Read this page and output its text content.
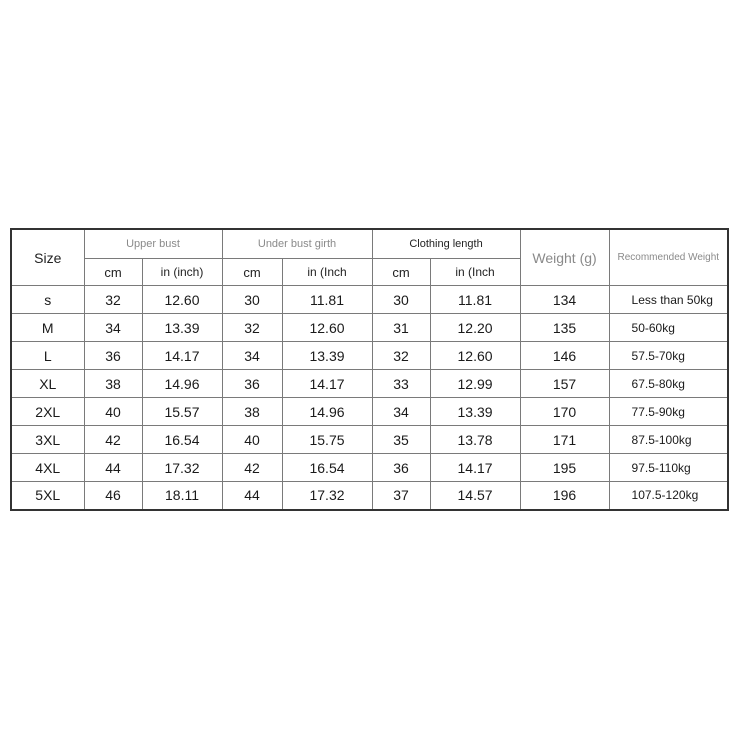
Size	Upper bust		Under bust girth		Clothing length		Weight (g)	Recommended Weight
	cm	in (inch)	cm	in (Inch	cm	in (Inch		
s	32	12.60	30	11.81	30	11.81	134	Less than 50kg
M	34	13.39	32	12.60	31	12.20	135	50-60kg
L	36	14.17	34	13.39	32	12.60	146	57.5-70kg
XL	38	14.96	36	14.17	33	12.99	157	67.5-80kg
2XL	40	15.57	38	14.96	34	13.39	170	77.5-90kg
3XL	42	16.54	40	15.75	35	13.78	171	87.5-100kg
4XL	44	17.32	42	16.54	36	14.17	195	97.5-110kg
5XL	46	18.11	44	17.32	37	14.57	196	107.5-120kg
